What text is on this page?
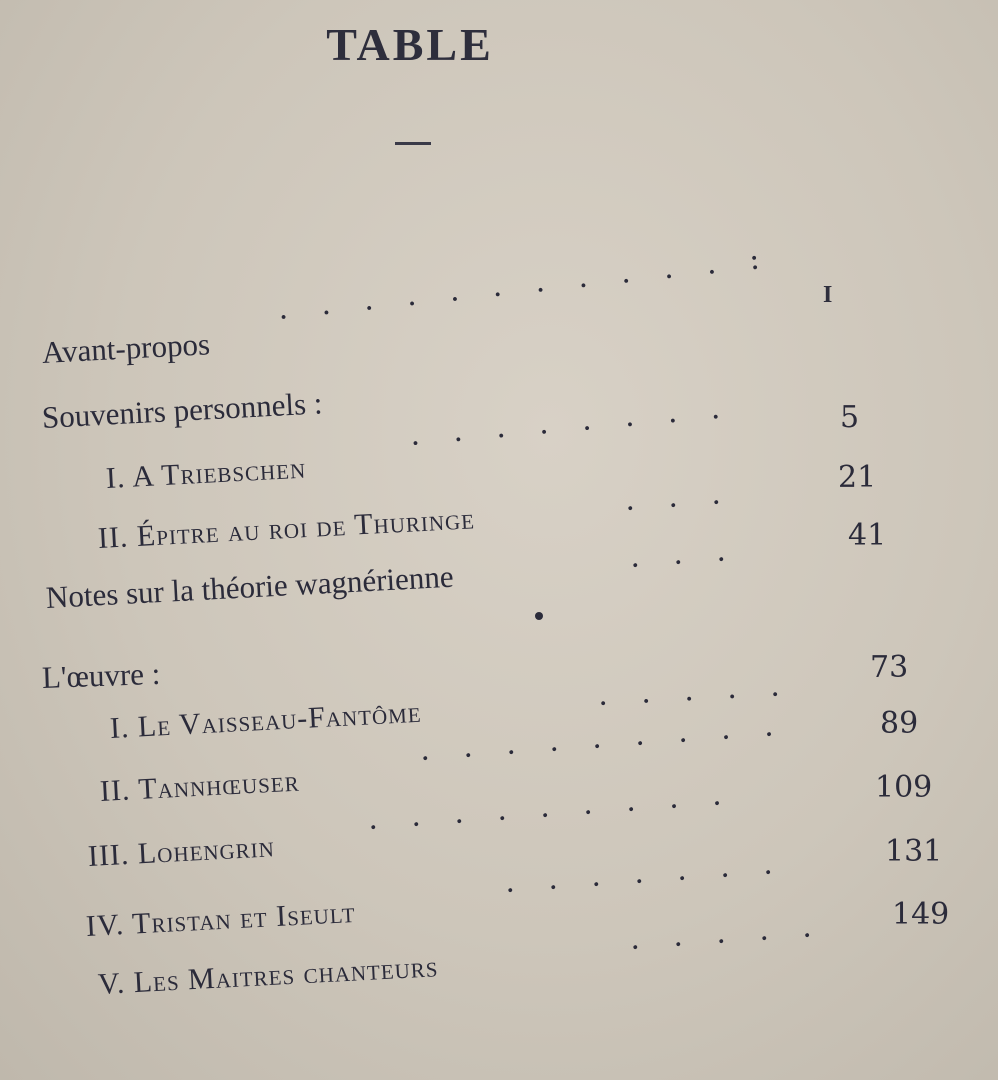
TABLE
I
Avant-propos
. . . . . . . . . . . :
Souvenirs personnels :	5
I. A Triebschen
. . . . . . . .
21
II. Épitre au roi de Thuringe
. . .
41
Notes sur la théorie wagnérienne
. . .
L'œuvre :	73
I. Le Vaisseau-Fantôme
. . . . .
89
II. Tannhœuser
. . . . . . . . .
109
III. Lohengrin
. . . . . . . . .
131
IV. Tristan et Iseult
. . . . . . .
149
V. Les Maitres chanteurs
. . . . .
